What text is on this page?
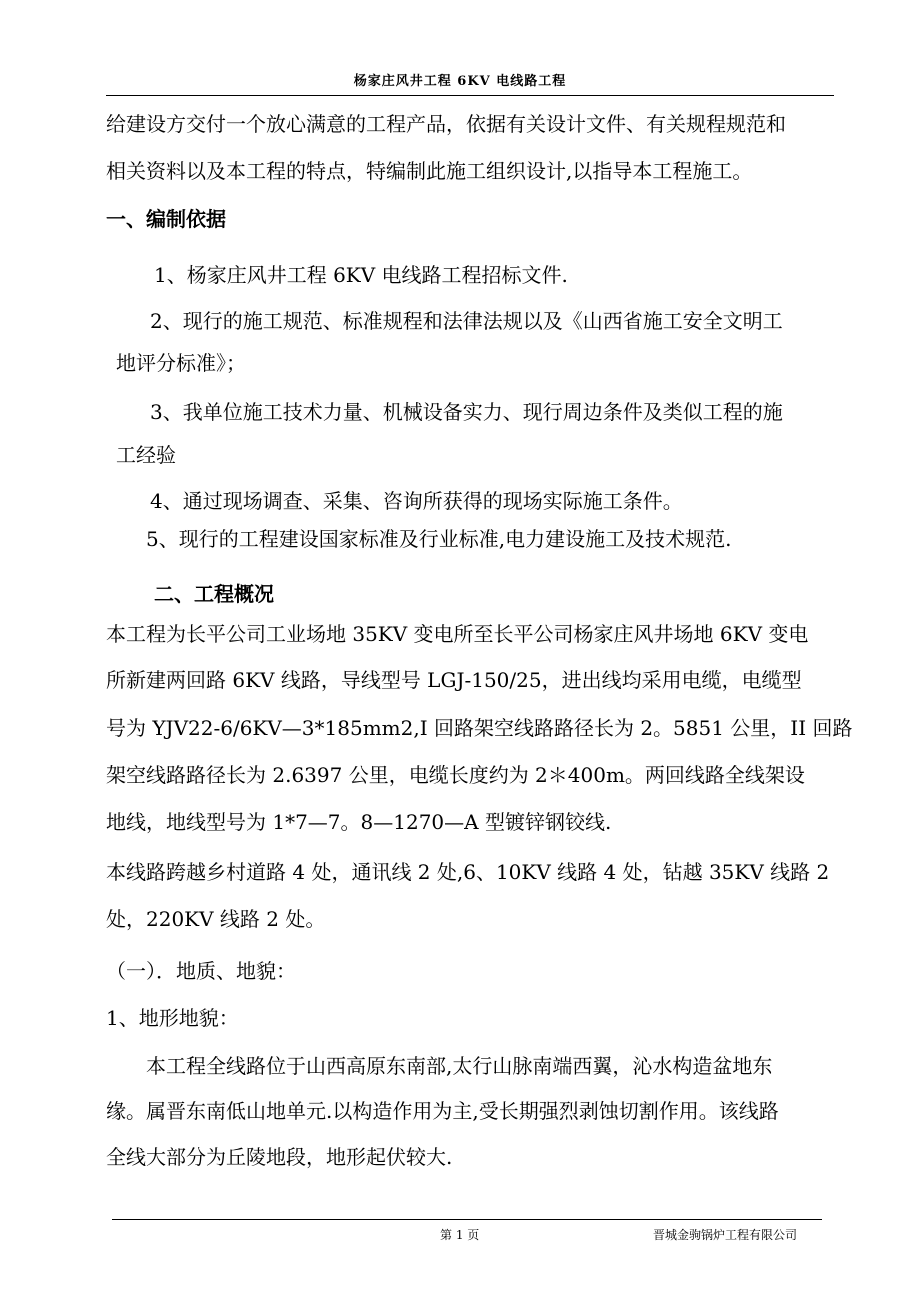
杨家庄风井工程 6KV 电线路工程
给建设方交付一个放心满意的工程产品，依据有关设计文件、有关规程规范和
相关资料以及本工程的特点，特编制此施工组织设计,以指导本工程施工。
一、编制依据
1、杨家庄风井工程 6KV 电线路工程招标文件.
2、现行的施工规范、标准规程和法律法规以及《山西省施工安全文明工
地评分标准》；
3、我单位施工技术力量、机械设备实力、现行周边条件及类似工程的施
工经验
4、通过现场调查、采集、咨询所获得的现场实际施工条件。
5、现行的工程建设国家标准及行业标准,电力建设施工及技术规范.
二、工程概况
本工程为长平公司工业场地 35KV 变电所至长平公司杨家庄风井场地 6KV 变电
所新建两回路 6KV 线路，导线型号 LGJ-150/25，进出线均采用电缆，电缆型
号为 YJV22-6/6KV—3*185mm2,I 回路架空线路路径长为 2。5851 公里，II 回路
架空线路路径长为 2.6397 公里，电缆长度约为 2＊400m。两回线路全线架设
地线，地线型号为 1*7—7。8—1270—A 型镀锌钢铰线.
本线路跨越乡村道路 4 处，通讯线 2 处,6、10KV 线路 4 处，钻越 35KV 线路 2
处，220KV 线路 2 处。
（一）．地质、地貌：
1、地形地貌：
本工程全线路位于山西高原东南部,太行山脉南端西翼，沁水构造盆地东
缘。属晋东南低山地单元.以构造作用为主,受长期强烈剥蚀切割作用。该线路
全线大部分为丘陵地段，地形起伏较大.
第 1 页	晋城金驹锅炉工程有限公司
